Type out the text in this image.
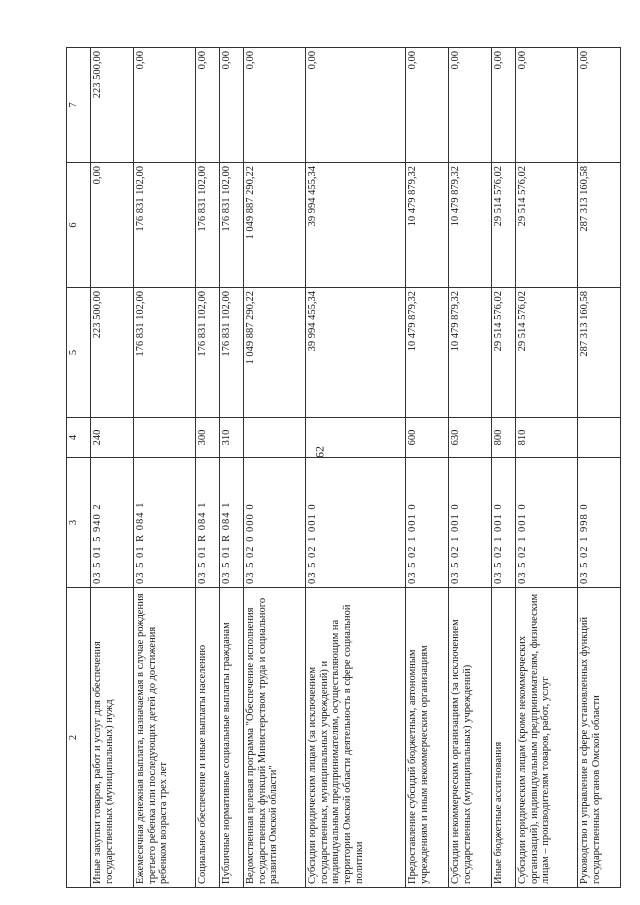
62
2	3	4	5	6	7
Иные закупки товаров, работ и услуг для обеспечения государственных (муниципальных) нужд	03 5 01 5 940 2	240	223 500,00	0,00	223 500,00
Ежемесячная денежная выплата, назначаемая в случае рождения третьего ребенка или последующих детей до достижения ребенком возраста трех лет	03 5 01 R 084 1		176 831 102,00	176 831 102,00	0,00
Социальное обеспечение и иные выплаты населению	03 5 01 R 084 1	300	176 831 102,00	176 831 102,00	0,00
Публичные нормативные социальные выплаты гражданам	03 5 01 R 084 1	310	176 831 102,00	176 831 102,00	0,00
Ведомственная целевая программа "Обеспечение исполнения государственных функций Министерством труда и социального развития Омской области"	03 5 02 0 000 0		1 049 887 290,22	1 049 887 290,22	0,00
Субсидии юридическим лицам (за исключением государственных, муниципальных учреждений) и индивидуальным предпринимателям, осуществляющим на территории Омской области деятельность в сфере социальной политики	03 5 02 1 001 0		39 994 455,34	39 994 455,34	0,00
Предоставление субсидий бюджетным, автономным учреждениям и иным некоммерческим организациям	03 5 02 1 001 0	600	10 479 879,32	10 479 879,32	0,00
Субсидии некоммерческим организациям (за исключением государственных (муниципальных) учреждений)	03 5 02 1 001 0	630	10 479 879,32	10 479 879,32	0,00
Иные бюджетные ассигнования	03 5 02 1 001 0	800	29 514 576,02	29 514 576,02	0,00
Субсидии юридическим лицам (кроме некоммерческих организаций), индивидуальным предпринимателям, физическим лицам – производителям товаров, работ, услуг	03 5 02 1 001 0	810	29 514 576,02	29 514 576,02	0,00
Руководство и управление в сфере установленных функций государственных органов Омской области	03 5 02 1 998 0		287 313 160,58	287 313 160,58	0,00
